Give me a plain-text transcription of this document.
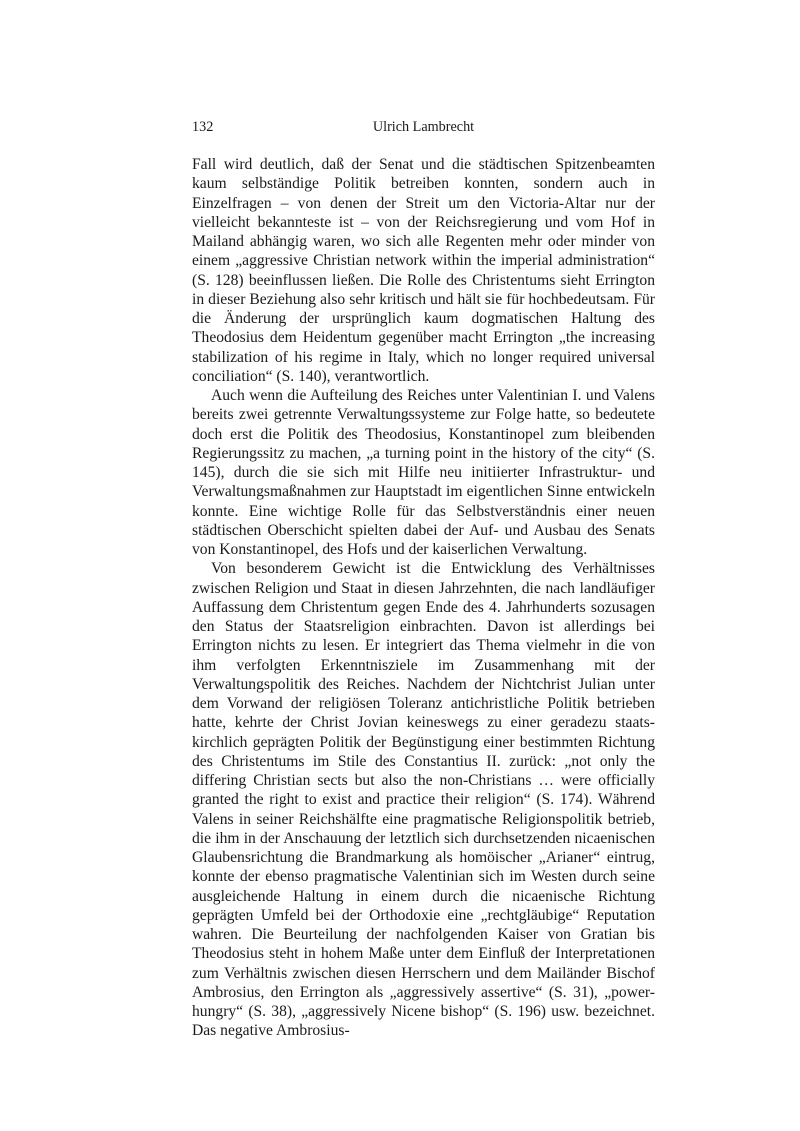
132	Ulrich Lambrecht

Fall wird deutlich, daß der Senat und die städtischen Spitzenbeamten kaum selbständige Politik betreiben konnten, sondern auch in Einzelfragen – von denen der Streit um den Victoria-Altar nur der vielleicht bekannteste ist – von der Reichsregierung und vom Hof in Mailand abhängig waren, wo sich alle Regenten mehr oder minder von einem „aggressive Christian network within the imperial administration“ (S. 128) beeinflussen ließen. Die Rolle des Christentums sieht Errington in dieser Beziehung also sehr kritisch und hält sie für hochbedeutsam. Für die Änderung der ursprünglich kaum dogmatischen Haltung des Theodosius dem Heidentum gegenüber macht Errington „the increasing stabilization of his regime in Italy, which no longer required universal conciliation“ (S. 140), verantwortlich.

Auch wenn die Aufteilung des Reiches unter Valentinian I. und Valens bereits zwei getrennte Verwaltungssysteme zur Folge hatte, so bedeutete doch erst die Politik des Theodosius, Konstantinopel zum bleibenden Regierungssitz zu machen, „a turning point in the history of the city“ (S. 145), durch die sie sich mit Hilfe neu initiierter Infrastruktur- und Verwaltungsmaßnahmen zur Hauptstadt im eigentlichen Sinne entwickeln konnte. Eine wichtige Rolle für das Selbstverständnis einer neuen städtischen Oberschicht spielten dabei der Auf- und Ausbau des Senats von Konstantinopel, des Hofs und der kaiserlichen Verwaltung.

Von besonderem Gewicht ist die Entwicklung des Verhältnisses zwischen Religion und Staat in diesen Jahrzehnten, die nach landläufiger Auffassung dem Christentum gegen Ende des 4. Jahrhunderts sozusagen den Status der Staatsreligion einbrachten. Davon ist allerdings bei Errington nichts zu lesen. Er integriert das Thema vielmehr in die von ihm verfolgten Erkenntnisziele im Zusammenhang mit der Verwaltungspolitik des Reiches. Nachdem der Nichtchrist Julian unter dem Vorwand der religiösen Toleranz antichristliche Politik betrieben hatte, kehrte der Christ Jovian keineswegs zu einer geradezu staatskirchlich geprägten Politik der Begünstigung einer bestimmten Richtung des Christentums im Stile des Constantius II. zurück: „not only the differing Christian sects but also the non-Christians … were officially granted the right to exist and practice their religion“ (S. 174). Während Valens in seiner Reichshälfte eine pragmatische Religionspolitik betrieb, die ihm in der Anschauung der letztlich sich durchsetzenden nicaenischen Glaubensrichtung die Brandmarkung als homöischer „Arianer“ eintrug, konnte der ebenso pragmatische Valentinian sich im Westen durch seine ausgleichende Haltung in einem durch die nicaenische Richtung geprägten Umfeld bei der Orthodoxie eine „rechtgläubige“ Reputation wahren. Die Beurteilung der nachfolgenden Kaiser von Gratian bis Theodosius steht in hohem Maße unter dem Einfluß der Interpretationen zum Verhältnis zwischen diesen Herrschern und dem Mailänder Bischof Ambrosius, den Errington als „aggressively assertive“ (S. 31), „power-hungry“ (S. 38), „aggressively Nicene bishop“ (S. 196) usw. bezeichnet. Das negative Ambrosius-
